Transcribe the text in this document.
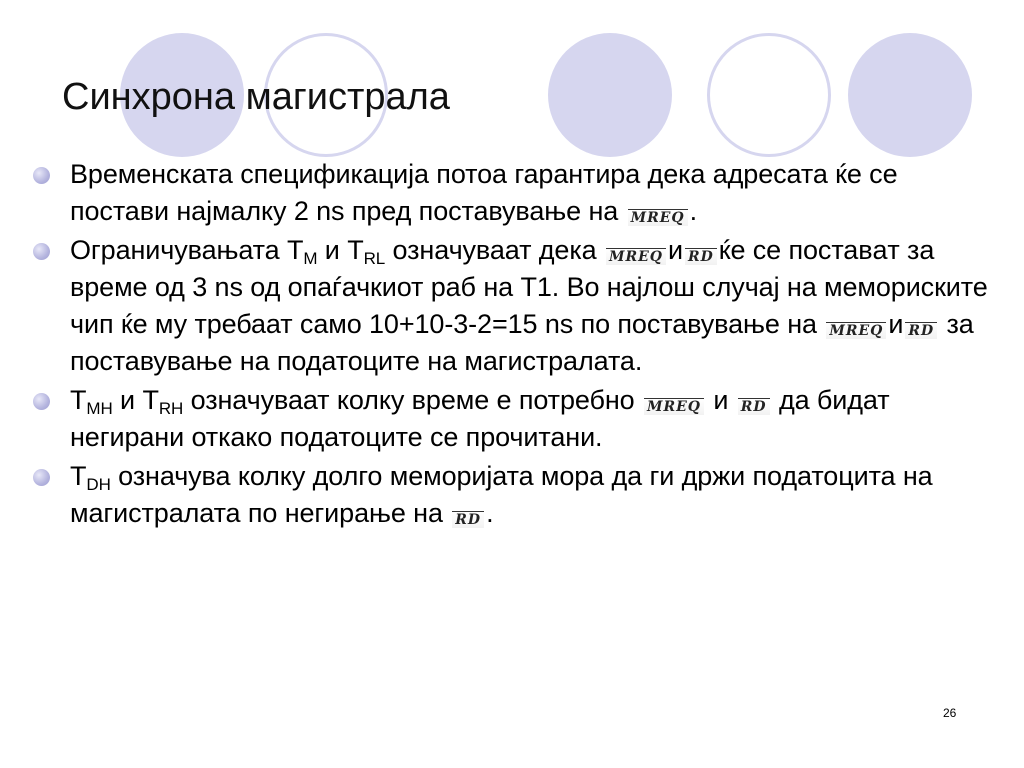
Синхрона магистрала
Временската спецификација потоа гарантира дека адресата ќе се постави најмалку 2 ns пред поставување на MREQ .
Ограничувањата $T_M$ и $T_{RL}$ означуваат дека MREQ и RD ќе се поставaт за време од 3 ns од опаѓачкиот раб на T1. Во најлош случај на мемориските чип ќе му требаат само 10+10-3-2=15 ns по поставување на MREQ и RD за поставување на податоците на магистралата.
$T_{MH}$ и $T_{RH}$ означуваат колку време е потребно MREQ и RD да бидат негирани откако податоците се прочитани.
$T_{DH}$ означува колку долго меморијата мора да ги држи податоцита на магистралата по негирање на RD .
26
